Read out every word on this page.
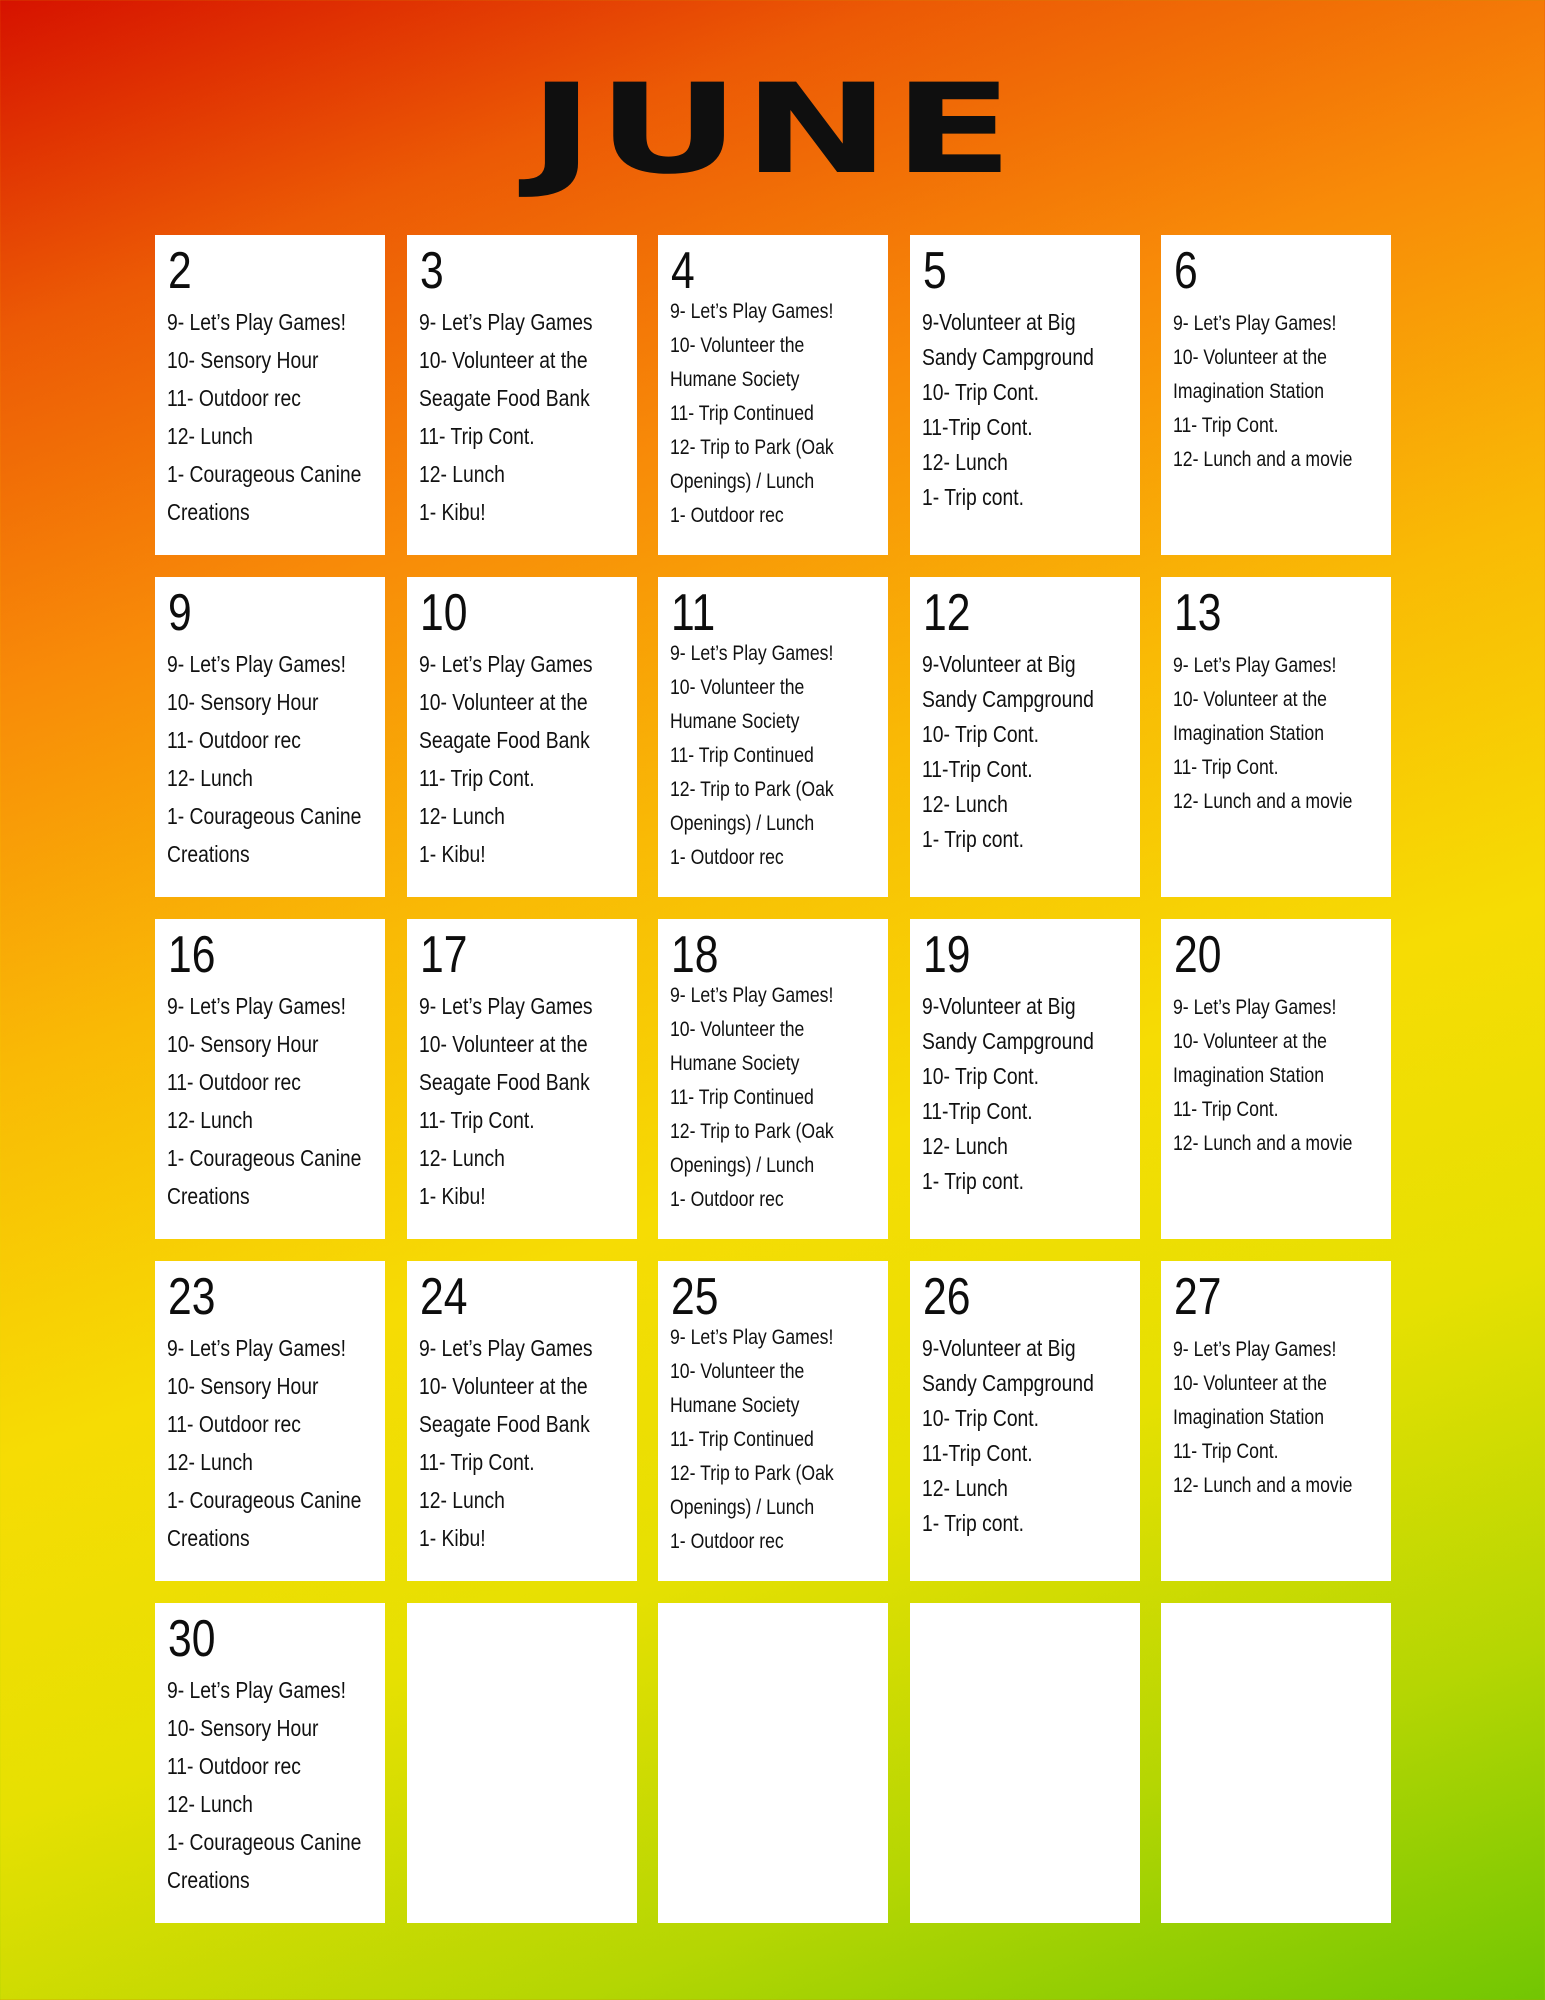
JUNE
2
9- Let’s Play Games!
10- Sensory Hour
11- Outdoor rec
12- Lunch
1- Courageous Canine
Creations
3
9- Let’s Play Games
10- Volunteer at the
Seagate Food Bank
11- Trip Cont.
12- Lunch
1- Kibu!
4
9- Let’s Play Games!
10- Volunteer the
Humane Society
11- Trip Continued
12- Trip to Park (Oak
Openings) / Lunch
1- Outdoor rec
5
9-Volunteer at Big
Sandy Campground
10- Trip Cont.
11-Trip Cont.
12- Lunch
1- Trip cont.
6
9- Let’s Play Games!
10- Volunteer at the
Imagination Station
11- Trip Cont.
12- Lunch and a movie
9
9- Let’s Play Games!
10- Sensory Hour
11- Outdoor rec
12- Lunch
1- Courageous Canine
Creations
10
9- Let’s Play Games
10- Volunteer at the
Seagate Food Bank
11- Trip Cont.
12- Lunch
1- Kibu!
11
9- Let’s Play Games!
10- Volunteer the
Humane Society
11- Trip Continued
12- Trip to Park (Oak
Openings) / Lunch
1- Outdoor rec
12
9-Volunteer at Big
Sandy Campground
10- Trip Cont.
11-Trip Cont.
12- Lunch
1- Trip cont.
13
9- Let’s Play Games!
10- Volunteer at the
Imagination Station
11- Trip Cont.
12- Lunch and a movie
16
9- Let’s Play Games!
10- Sensory Hour
11- Outdoor rec
12- Lunch
1- Courageous Canine
Creations
17
9- Let’s Play Games
10- Volunteer at the
Seagate Food Bank
11- Trip Cont.
12- Lunch
1- Kibu!
18
9- Let’s Play Games!
10- Volunteer the
Humane Society
11- Trip Continued
12- Trip to Park (Oak
Openings) / Lunch
1- Outdoor rec
19
9-Volunteer at Big
Sandy Campground
10- Trip Cont.
11-Trip Cont.
12- Lunch
1- Trip cont.
20
9- Let’s Play Games!
10- Volunteer at the
Imagination Station
11- Trip Cont.
12- Lunch and a movie
23
9- Let’s Play Games!
10- Sensory Hour
11- Outdoor rec
12- Lunch
1- Courageous Canine
Creations
24
9- Let’s Play Games
10- Volunteer at the
Seagate Food Bank
11- Trip Cont.
12- Lunch
1- Kibu!
25
9- Let’s Play Games!
10- Volunteer the
Humane Society
11- Trip Continued
12- Trip to Park (Oak
Openings) / Lunch
1- Outdoor rec
26
9-Volunteer at Big
Sandy Campground
10- Trip Cont.
11-Trip Cont.
12- Lunch
1- Trip cont.
27
9- Let’s Play Games!
10- Volunteer at the
Imagination Station
11- Trip Cont.
12- Lunch and a movie
30
9- Let’s Play Games!
10- Sensory Hour
11- Outdoor rec
12- Lunch
1- Courageous Canine
Creations
